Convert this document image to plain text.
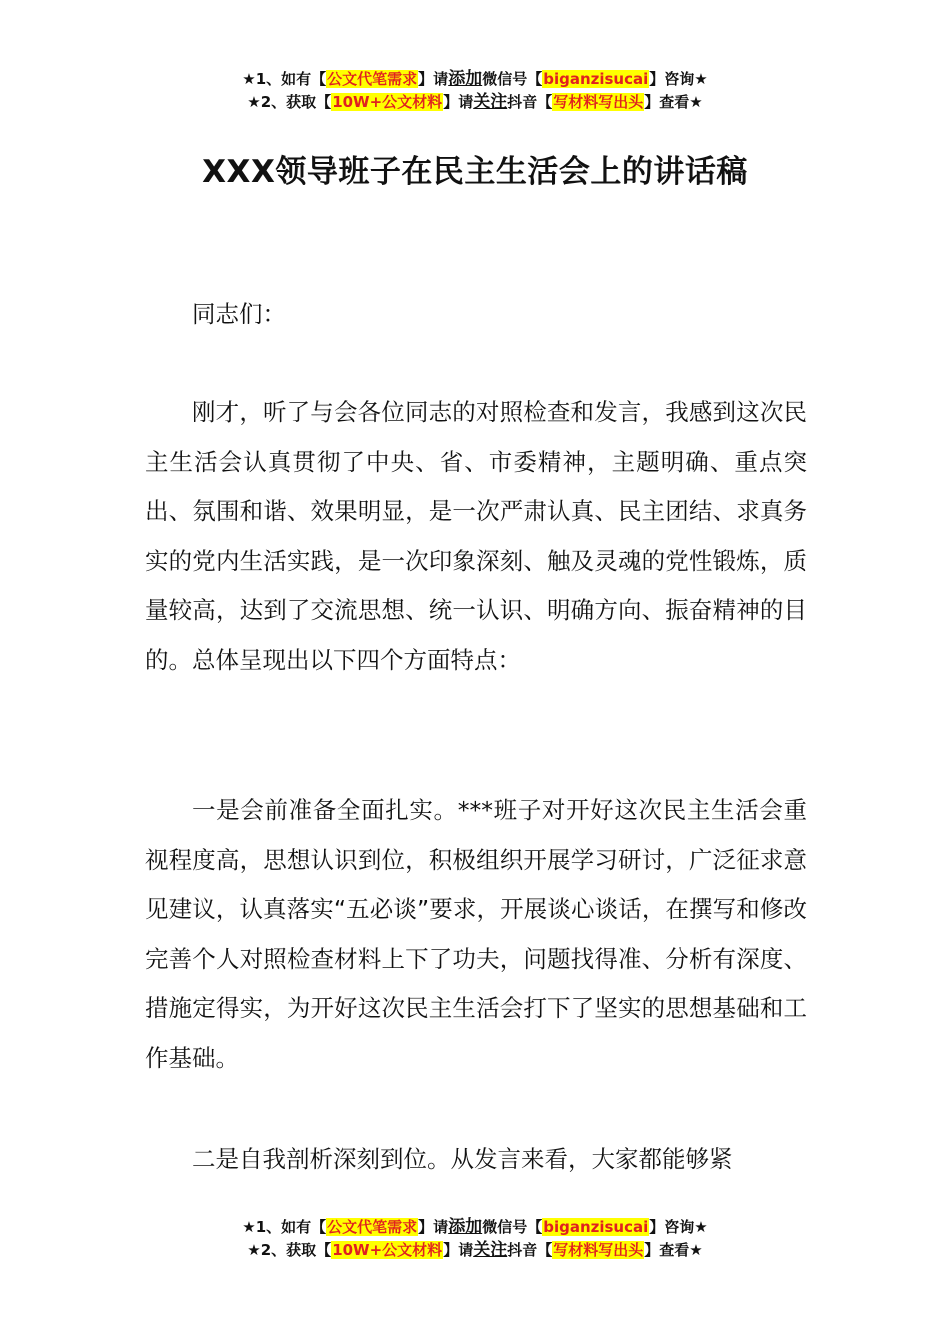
★1、如有【公文代笔需求】请添加微信号【biganzisucai】咨询★
★2、获取【10W+公文材料】请关注抖音【写材料写出头】查看★
XXX领导班子在民主生活会上的讲话稿
同志们：

刚才，听了与会各位同志的对照检查和发言，我感到这次民主生活会认真贯彻了中央、省、市委精神，主题明确、重点突出、氛围和谐、效果明显，是一次严肃认真、民主团结、求真务实的党内生活实践，是一次印象深刻、触及灵魂的党性锻炼，质量较高，达到了交流思想、统一认识、明确方向、振奋精神的目的。总体呈现出以下四个方面特点：

一是会前准备全面扎实。***班子对开好这次民主生活会重视程度高，思想认识到位，积极组织开展学习研讨，广泛征求意见建议，认真落实“五必谈”要求，开展谈心谈话，在撰写和修改完善个人对照检查材料上下了功夫，问题找得准、分析有深度、措施定得实，为开好这次民主生活会打下了坚实的思想基础和工作基础。

二是自我剖析深刻到位。从发言来看，大家都能够紧

★1、如有【公文代笔需求】请添加微信号【biganzisucai】咨询★
★2、获取【10W+公文材料】请关注抖音【写材料写出头】查看★
